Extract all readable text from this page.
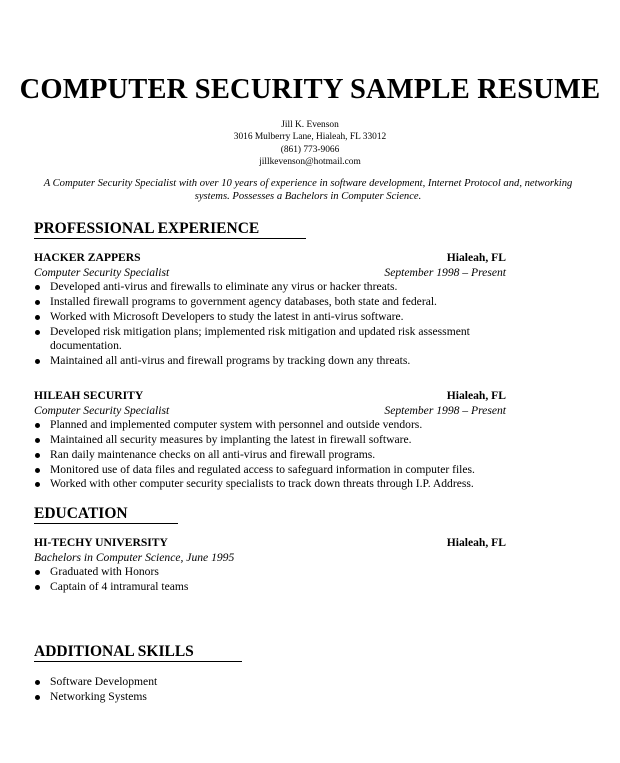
COMPUTER SECURITY SAMPLE RESUME
Jill K. Evenson
3016 Mulberry Lane, Hialeah, FL 33012
(861) 773-9066
jillkevenson@hotmail.com
A Computer Security Specialist with over 10 years of experience in software development, Internet Protocol and, networking systems. Possesses a Bachelors in Computer Science.
PROFESSIONAL EXPERIENCE
HACKER ZAPPERS	Hialeah, FL
Computer Security Specialist	September 1998 – Present
Developed anti-virus and firewalls to eliminate any virus or hacker threats.
Installed firewall programs to government agency databases, both state and federal.
Worked with Microsoft Developers to study the latest in anti-virus software.
Developed risk mitigation plans; implemented risk mitigation and updated risk assessment documentation.
Maintained all anti-virus and firewall programs by tracking down any threats.
HILEAH SECURITY	Hialeah, FL
Computer Security Specialist	September 1998 – Present
Planned and implemented computer system with personnel and outside vendors.
Maintained all security measures by implanting the latest in firewall software.
Ran daily maintenance checks on all anti-virus and firewall programs.
Monitored use of data files and regulated access to safeguard information in computer files.
Worked with other computer security specialists to track down threats through I.P. Address.
EDUCATION
HI-TECHY UNIVERSITY	Hialeah, FL
Bachelors in Computer Science, June 1995
Graduated with Honors
Captain of 4 intramural teams
ADDITIONAL SKILLS
Software Development
Networking Systems
